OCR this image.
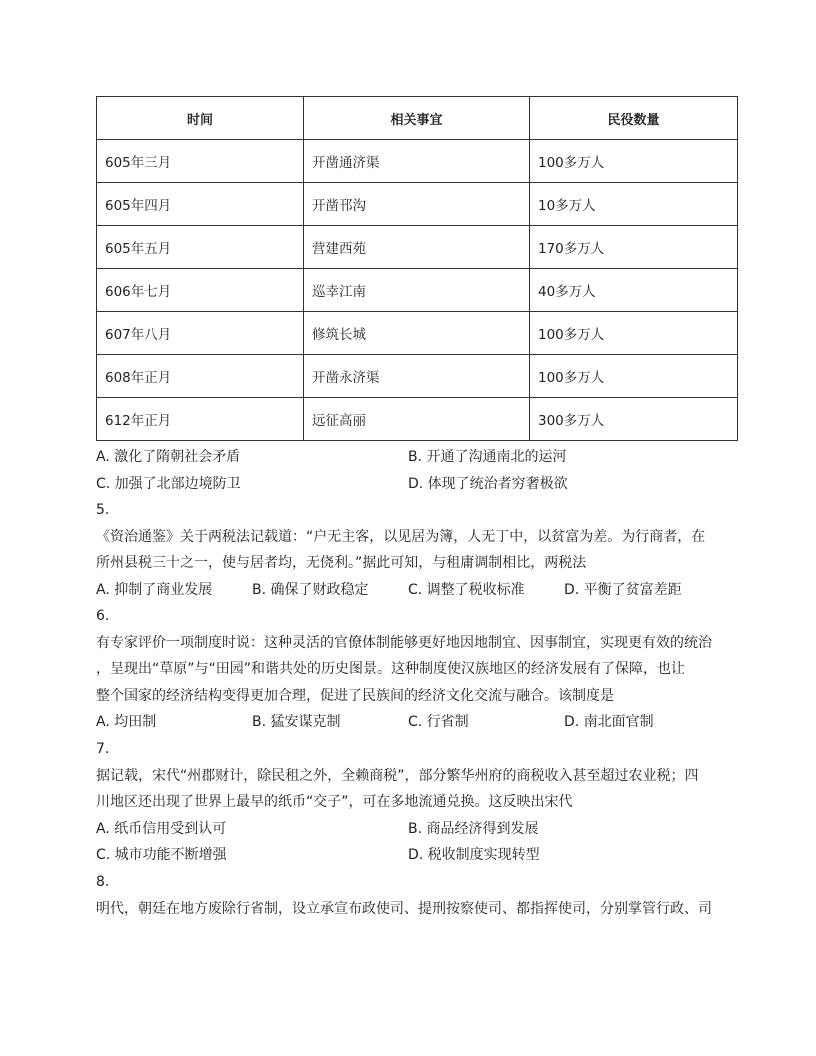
时间	相关事宜	民役数量
605年三月	开凿通济渠	100多万人
605年四月	开凿邗沟	10多万人
605年五月	营建西苑	170多万人
606年七月	巡幸江南	40多万人
607年八月	修筑长城	100多万人
608年正月	开凿永济渠	100多万人
612年正月	远征高丽	300多万人
A. 激化了隋朝社会矛盾	B. 开通了沟通南北的运河
C. 加强了北部边境防卫	D. 体现了统治者穷奢极欲
5.
《资治通鉴》关于两税法记载道：“户无主客，以见居为簿，人无丁中，以贫富为差。为行商者，在
所州县税三十之一，使与居者均，无侥利。”据此可知，与租庸调制相比，两税法
A. 抑制了商业发展	B. 确保了财政稳定	C. 调整了税收标准	D. 平衡了贫富差距
6.
有专家评价一项制度时说：这种灵活的官僚体制能够更好地因地制宜、因事制宜，实现更有效的统治
，呈现出“草原”与“田园”和谐共处的历史图景。这种制度使汉族地区的经济发展有了保障，也让
整个国家的经济结构变得更加合理，促进了民族间的经济文化交流与融合。该制度是
A. 均田制	B. 猛安谋克制	C. 行省制	D. 南北面官制
7.
据记载，宋代“州郡财计，除民租之外，全赖商税”，部分繁华州府的商税收入甚至超过农业税；四
川地区还出现了世界上最早的纸币“交子”，可在多地流通兑换。这反映出宋代
A. 纸币信用受到认可	B. 商品经济得到发展
C. 城市功能不断增强	D. 税收制度实现转型
8.
明代，朝廷在地方废除行省制，设立承宣布政使司、提刑按察使司、都指挥使司，分别掌管行政、司
